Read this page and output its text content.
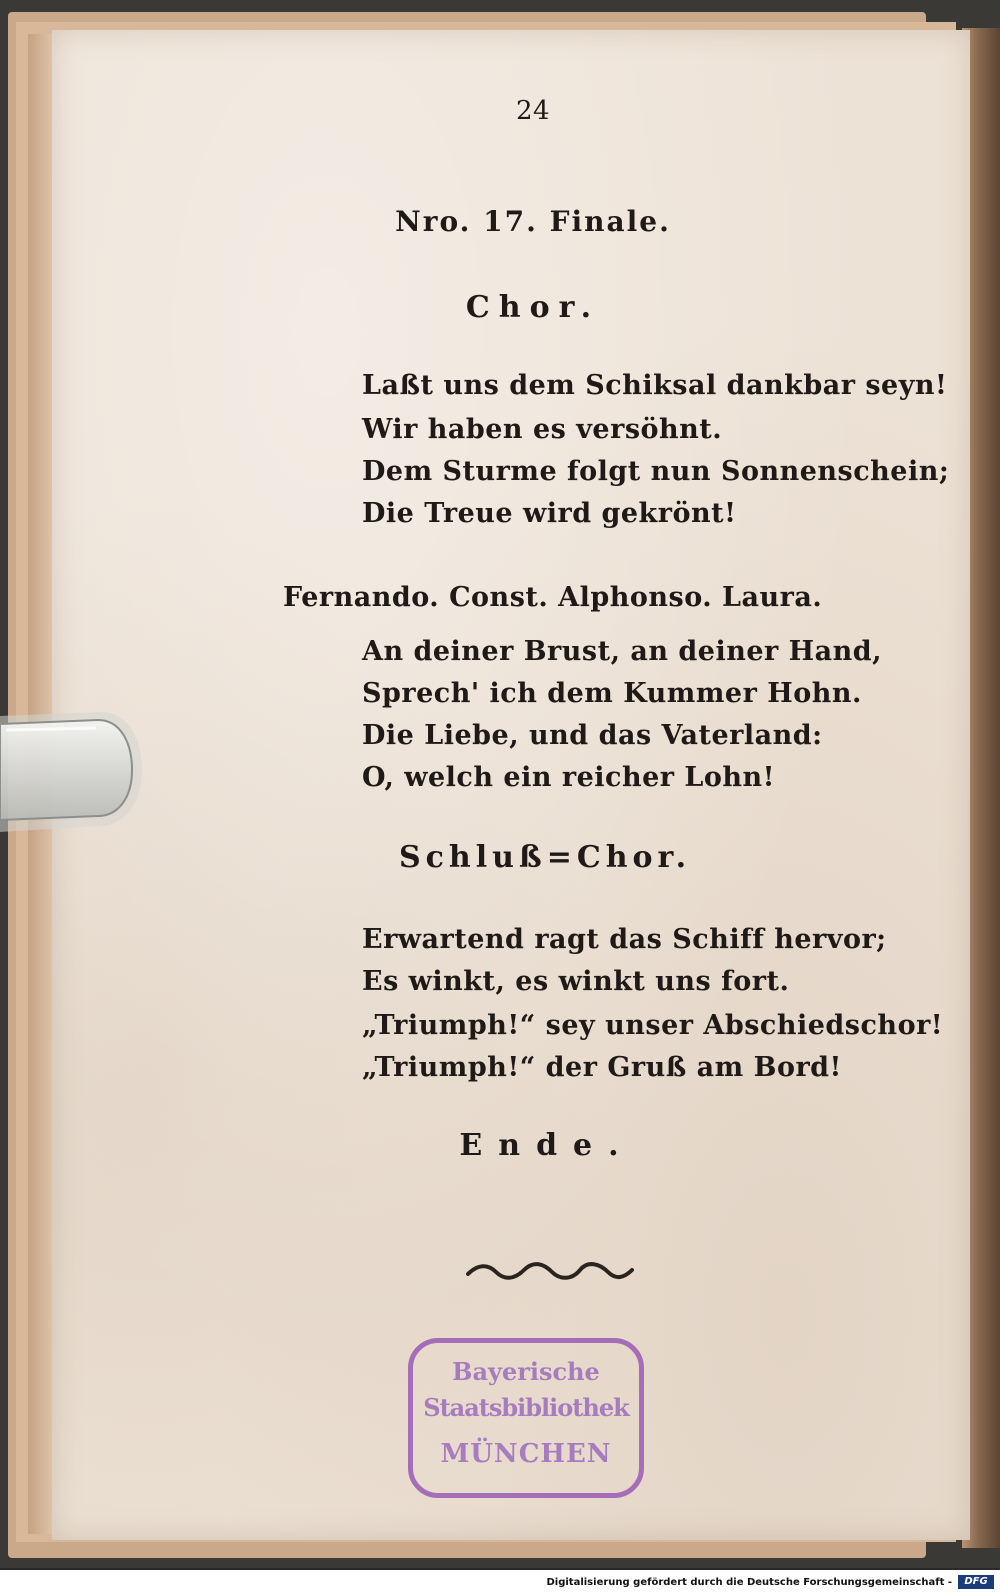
24
Nro. 17. Finale.
Chor.
Laßt uns dem Schiksal dankbar seyn!
Wir haben es versöhnt.
Dem Sturme folgt nun Sonnenschein;
Die Treue wird gekrönt!
Fernando. Const. Alphonso. Laura.
An deiner Brust, an deiner Hand,
Sprech' ich dem Kummer Hohn.
Die Liebe, und das Vaterland:
O, welch ein reicher Lohn!
Schluß=Chor.
Erwartend ragt das Schiff hervor;
Es winkt, es winkt uns fort.
„Triumph!“ sey unser Abschiedschor!
„Triumph!“ der Gruß am Bord!
Ende.
Bayerische
Staatsbibliothek
MÜNCHEN
Digitalisierung gefördert durch die Deutsche Forschungsgemeinschaft -	DFG
